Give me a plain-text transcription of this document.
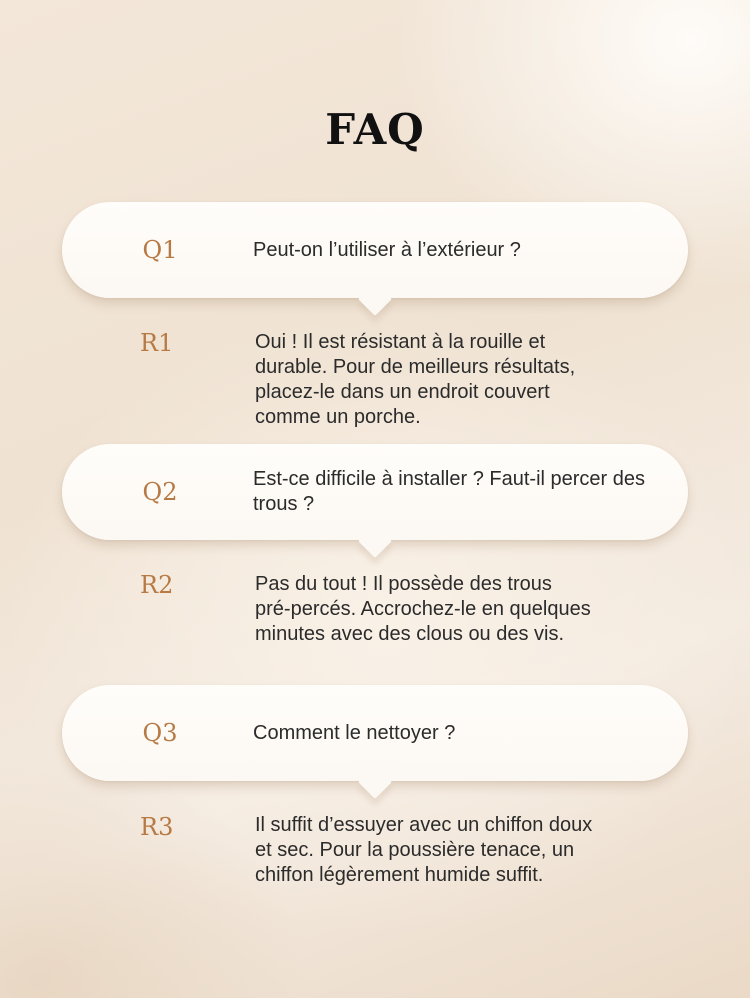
FAQ
Q1	Peut-on l’utiliser à l’extérieur ?
R1	Oui ! Il est résistant à la rouille et
durable. Pour de meilleurs résultats,
placez-le dans un endroit couvert
comme un porche.

Q2	Est-ce difficile à installer ? Faut-il percer des trous ?
R2	Pas du tout ! Il possède des trous
pré-percés. Accrochez-le en quelques
minutes avec des clous ou des vis.

Q3	Comment le nettoyer ?
R3	Il suffit d’essuyer avec un chiffon doux
et sec. Pour la poussière tenace, un
chiffon légèrement humide suffit.
